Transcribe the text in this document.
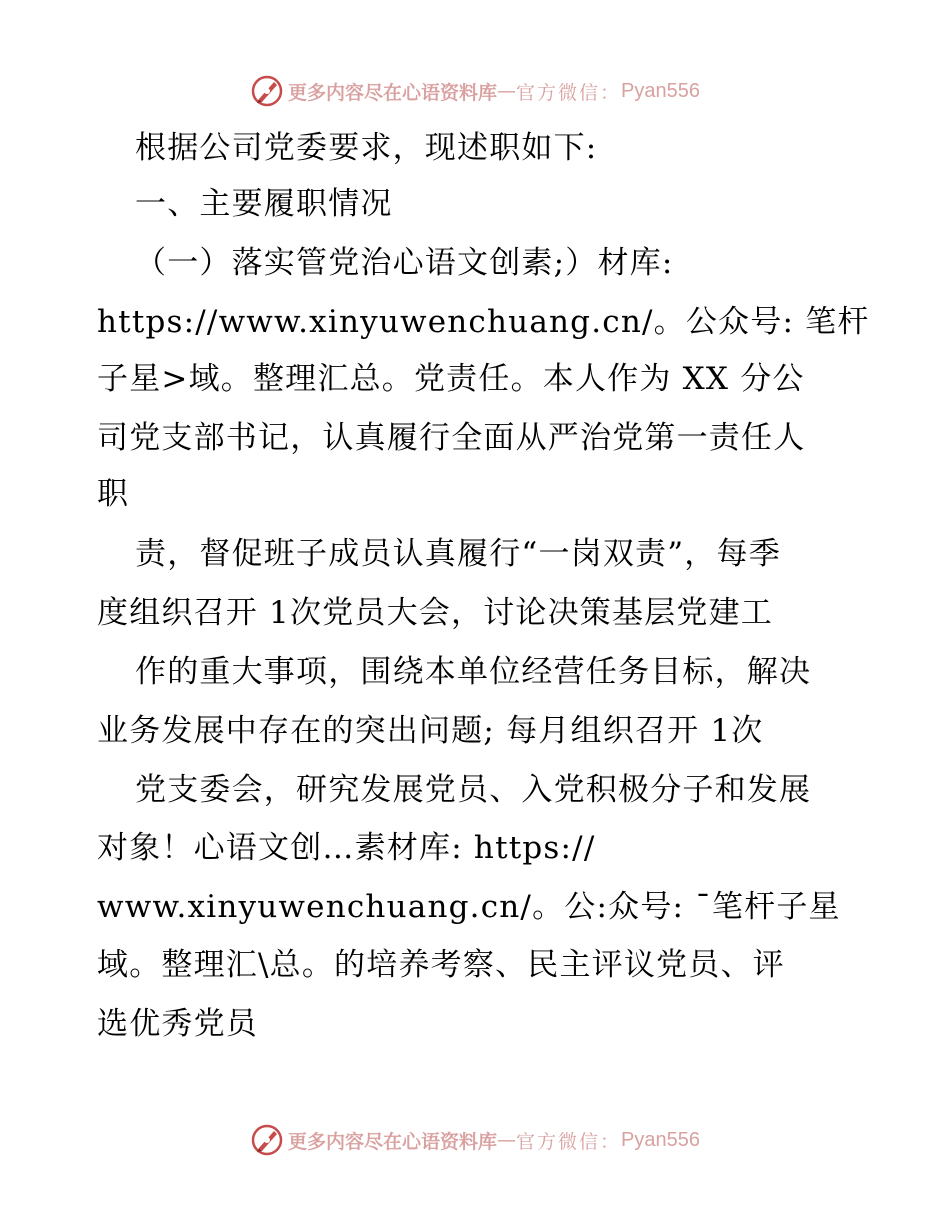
更多内容尽在心语资料库 — 官方微信： Pyan556
根据公司党委要求，现述职如下:
一、主要履职情况
（一）落实管党治心语文创素;）材库:
https://www.xinyuwenchuang.cn/。公众号: 笔杆
子星>域。整理汇总。党责任。本人作为 XX 分公
司党支部书记，认真履行全面从严治党第一责任人
职
责，督促班子成员认真履行“一岗双责”，每季
度组织召开 1次党员大会，讨论决策基层党建工
作的重大事项，围绕本单位经营任务目标，解决
业务发展中存在的突出问题; 每月组织召开 1次
党支委会，研究发展党员、入党积极分子和发展
对象！心语文创…素材库: https://
www.xinyuwenchuang.cn/。公:众号: ¯笔杆子星
域。整理汇\总。的培养考察、民主评议党员、评
选优秀党员
更多内容尽在心语资料库 — 官方微信： Pyan556
